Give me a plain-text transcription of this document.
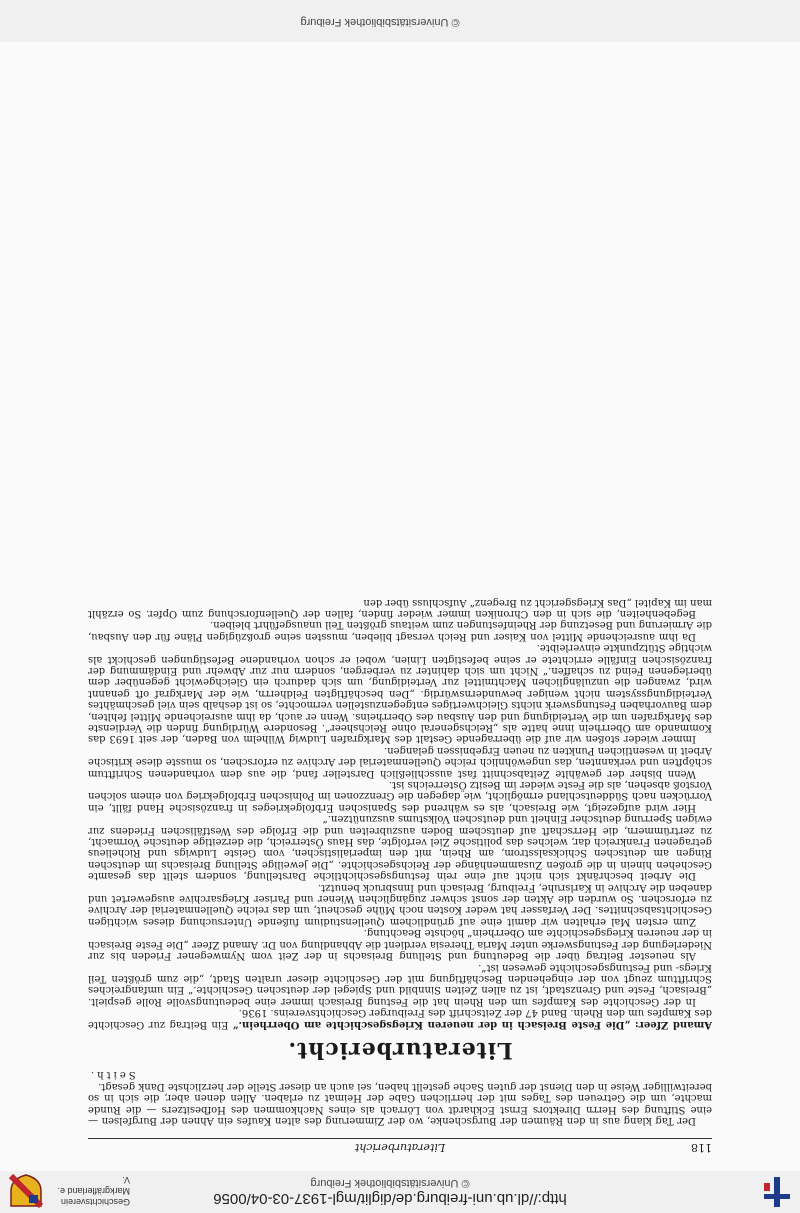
http://dl.ub.uni-freiburg.de/diglit/mgl-1937-03-04/0056
© Universitätsbibliothek Freiburg
Geschichtsverein Markgräflerland e. V.
118
Literaturbericht

Der Tag klang aus in den Räumen der Burgschenke, wo der Zimmerung des alten Kaufes ein Ahnen der Burgfelsen — eine Stiftung des Herrn Direktors Ernst Eckhardt von Lörrach als eines Nachkommen des Hofbesitzers — die Runde machte, um die Getreuen des Tages mit der herrlichen Gabe der Heimat zu erlaben. Allen denen aber, die sich in so bereitwilliger Weise in den Dienst der guten Sache gestellt haben, sei auch an dieser Stelle der herzlichste Dank gesagt.

Seith.

Literaturbericht.

Amand Zfeer: „Die Feste Breisach in der neueren Kriegsgeschichte am Oberrhein.“ Ein Beitrag zur Geschichte des Kampfes um den Rhein. Band 47 der Zeitschrift des Freiburger Geschichtsvereins. 1936.

In der Geschichte des Kampfes um den Rhein hat die Festung Breisach immer eine bedeutungsvolle Rolle gespielt. „Breisach, Feste und Grenzstadt, ist zu allen Zeiten Sinnbild und Spiegel der deutschen Geschichte.“ Ein umfangreiches Schrifttum zeugt von der eingehenden Beschäftigung mit der Geschichte dieser uralten Stadt, „die zum größten Teil Kriegs- und Festungsgeschichte gewesen ist“.

Als neuester Beitrag über die Bedeutung und Stellung Breisachs in der Zeit vom Nymwegener Frieden bis zur Niederlegung der Festungswerke unter Maria Theresia verdient die Abhandlung von Dr. Amand Zfeer „Die Feste Breisach in der neueren Kriegsgeschichte am Oberrhein“ höchste Beachtung.

Zum ersten Mal erhalten wir damit eine auf gründlichem Quellenstudium fußende Untersuchung dieses wichtigen Geschichtsabschnittes. Der Verfasser hat weder Kosten noch Mühe gescheut, um das reiche Quellenmaterial der Archive zu erforschen. So wurden die Akten der sonst schwer zugänglichen Wiener und Pariser Kriegsarchive ausgewertet und daneben die Archive in Karlsruhe, Freiburg, Breisach und Innsbruck benutzt.

Die Arbeit beschränkt sich nicht auf eine rein festungsgeschichtliche Darstellung, sondern stellt das gesamte Geschehen hinein in die großen Zusammenhänge der Reichsgeschichte. „Die jeweilige Stellung Breisachs im deutschen Ringen am deutschen Schicksalsstrom, am Rhein, mit den imperialistischen, vom Geiste Ludwigs und Richelieus getragenen Frankreich dar, welches das politische Ziel verfolgte, das Haus Österreich, die derzeitige deutsche Vormacht, zu zertrümmern, die Herrschaft auf deutschem Boden auszubreiten und die Erfolge des Westfälischen Friedens zur ewigen Sperrung deutscher Einheit und deutschen Volkstums auszunützen.“

Hier wird aufgezeigt, wie Breisach, als es während des Spanischen Erbfolgekrieges in französische Hand fällt, ein Vorrücken nach Süddeutschland ermöglicht, wie dagegen die Grenzzonen im Polnischen Erbfolgekrieg von einem solchen Vorstoß absehen, als die Feste wieder im Besitz Österreichs ist.

Wenn bisher der gewählte Zeitabschnitt fast ausschließlich Darsteller fand, die aus dem vorhandenen Schrifttum schöpften und verkannten, das ungewöhnlich reiche Quellenmaterial der Archive zu erforschen, so musste diese kritische Arbeit in wesentlichen Punkten zu neuen Ergebnissen gelangen.

Immer wieder stoßen wir auf die überragende Gestalt des Markgrafen Ludwig Wilhelm von Baden, der seit 1693 das Kommando am Oberrhein inne hatte als „Reichsgeneral ohne Reichsheer“. Besondere Würdigung finden die Verdienste des Markgrafen um die Verteidigung und den Ausbau des Oberrheins. Wenn er auch, da ihm ausreichende Mittel fehlten, dem Bauvorhaben Festungswerk nichts Gleichwertiges entgegenzustellen vermochte, so ist deshalb sein viel geschmähtes Verteidigungssystem nicht weniger bewundernswürdig. „Den beschäftigten Feldherrn, wie der Markgraf oft genannt wird, zwangen die unzulänglichen Machtmittel zur Verteidigung, um sich dadurch ein Gleichgewicht gegenüber dem überlegenen Feind zu schaffen.“ Nicht um sich dahinter zu verbergen, sondern nur zur Abwehr und Eindämmung der französischen Einfälle errichtete er seine befestigten Linien, wobei er schon vorhandene Befestigungen geschickt als wichtige Stützpunkte einverleibte.

Da ihm ausreichende Mittel von Kaiser und Reich versagt blieben, mussten seine großzügigen Pläne für den Ausbau, die Armierung und Besetzung der Rheinfestungen zum weitaus größten Teil unausgeführt bleiben.

Begebenheiten, die sich in den Chroniken immer wieder finden, fallen der Quellenforschung zum Opfer. So erzählt man im Kapitel „Das Kriegsgericht zu Bregenz“ Aufschluss über den

© Universitätsbibliothek Freiburg
